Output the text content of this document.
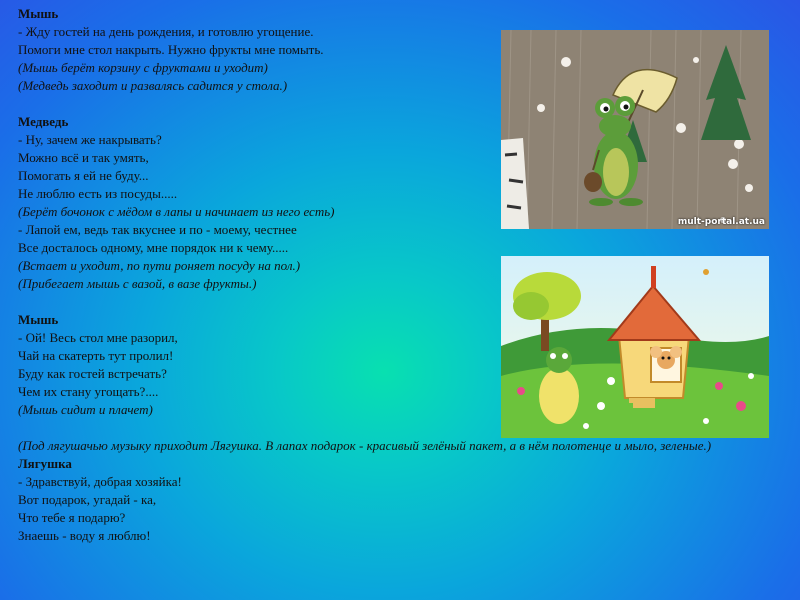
Мышь
- Жду гостей на день рождения, и готовлю угощение.
Помоги мне стол накрыть. Нужно фрукты мне помыть.
(Мышь берёт корзину с фруктами и уходит)
(Медведь заходит и развалясь садится у стола.)
Медведь
- Ну, зачем же накрывать?
Можно всё и так умять,
Помогать я ей не буду...
Не люблю есть из посуды.....
(Берёт бочонок с мёдом в лапы и начинает из него есть)
- Лапой ем, ведь так вкуснее и по - моему, честнее
Все досталось одному, мне порядок ни к чему.....
(Встает и уходит, по пути роняет посуду на пол.)
(Прибегает мышь с вазой, в вазе фрукты.)
Мышь
- Ой! Весь стол мне разорил,
Чай на скатерть тут пролил!
Буду как гостей встречать?
Чем их стану угощать?....
(Мышь сидит и плачет)
(Под лягушачью музыку приходит Лягушка. В лапах подарок - красивый зелёный пакет, а в нём полотенце и мыло, зеленые.)
Лягушка
- Здравствуй, добрая хозяйка!
Вот подарок, угадай - ка,
Что тебе я подарю?
Знаешь - воду я люблю!
mult-portal.at.ua
